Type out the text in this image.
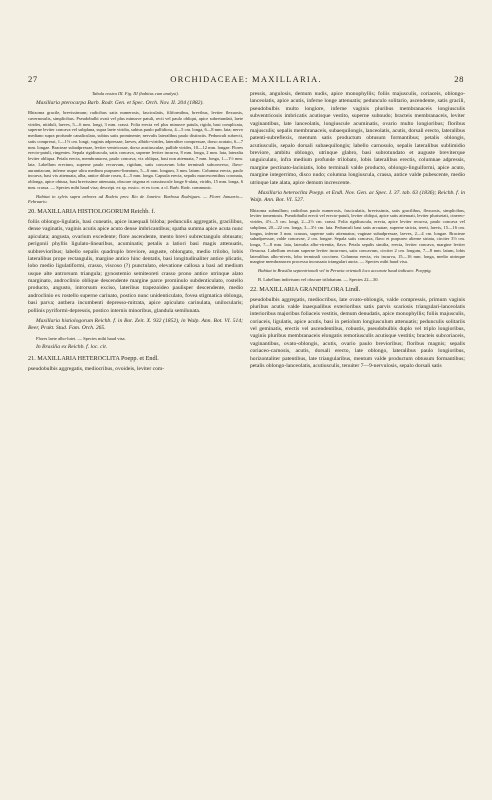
27	ORCHIDACEAE: MAXILLARIA.	28

Tabula nostra III. Fig. III (habitus cum analysi).

Maxillaria pterocarpa Barb. Rodr. Gen. et Spec. Orch. Nov. II. 204 (1882).

Rhizoma gracile, brevissimum; radicibus satis numerosis, fasciculatis, filiformibus, brevibus, leviter flexuosis, cavernosulis, simplicibus. Pseudobulbi ovati vel plus minusve patuli, recti vel paulo obliqui, apice subretundati, laete virides, nitiduli, laeves, 5—6 mm. longi, 3 mm. crassi. Folia erecta vel plus minusve patula, rigida, basi complicata, superne leviter concava vel subplana, supra laete viridia, subtus paulo pallidiora, 4—5 cm. longa, 6—8 mm. lata; nervo mediano supra profunde canaliculato, subtus satis prominente; nervulis lateralibus paulo distinctis. Pedunculi subrecti, satis compressi, 1—1½ cm. longi; vaginis adpressae, laeves, albido-virides, lateraliter compressae, dorso acutato, 6—7 mm. longae. Bracteae subadpressae, leviter ventricosae, dorso acutiusculae, pallide virides, 10—12 mm. longae. Flores erecto-patuli, ringentes. Sepala rigidiuscula, satis concava, superne leviter incurva, 8 mm. longa, 2 mm. lata, lateralia leviter obliqua. Petala erecta, membranacea, paulo concava, vix obliqua, basi non attenuata, 7 mm. longa, 1—1½ mm. lata. Labellum erectum, superne paulo recurvum, rigidum, satis concavum lobo terminali subconvexo, flavo-aurantiacum, inferne usque ultra medium purpureo-lineatum, 5—6 mm. longum, 3 mm. latum. Columna erecta, paulo incurva, basi vix attenuata, alba, antice dilute rosea, 4—5 mm. longa. Capsula erecta, sepalis marcescentibus coronata, oblonga, apice obtusa, basi brevissime attenuata, obscure trigona et crassiuscule longe 6-alata, viridis, 15 mm. longa, 6 mm. crassa. — Species mihi haud visa; descript. ex sp. exsicc. et ex icon. a cl. Barb. Rodr. communic.

Habitat in sylvis supra arbores ad Rodeio prov. Rio de Janeiro: Barbosa Rodrigues. — Floret Januario—Februario.

20. MAXILLARIA HISTIOLOGORUM Reichb. f.

foliis oblongo-ligulatis, basi cuneatis, apice inaequali biloba; pedunculis aggregatis, gracilibus, dense vaginatis, vaginis acutis apice acuto dense imbricantibus; spatha summa apice acuta nunc apiculata; angusta, ovarium excedente; flore ascendente, mento brevi subrectangulo obtusato; perigonii phyllis ligulato-linearibus, acuminatis; petalis a latiori basi magis attenuatis, subbrevioribus; labello sepalis quadruplo breviore, anguste, oblongato, medio trilobo, lobis lateralibus prope rectangulis, margine antico hinc dentatis, basi longitudinaliter antice plicatis, lobo medio ligulatiformi, crasso, viscoso (?) punctulato, elevatione callosa a basi ad medium usque alte antrorsum triangula; gynostemio semiteoreti crasso prono antice utrinque alato marginato, androclinio oblique descendente margine parce prominulo subdenticulato, rostello producto, angusto, introrsum exciso, lateribus trapezoideo paulisper descendente, medio androclinio ex rostello superne carinato, postico nunc unidenticulato, fovea stigmatica oblonga, basi parva; anthera incumbenti depresso-mitrata, apice apiculato carinulata, unilocularis; pollinis pyriformi-depressis, postico internis minoribus, glandula semilunata.

Maxillaria histiologorum Reichb. f. in Bot. Zeit. X. 932 (1852), in Walp. Ann. Bot. VI. 514; Beer, Prakt. Stud. Fam. Orch. 265.

Flores laete albo-lutei. — Species mihi haud visa.

In Brasilia ex Reichb. f. loc. cit.

21. MAXILLARIA HETEROCLITA Poepp. et Endl.

pseudobulbis aggregatis, mediocribus, ovoideis, leviter com-

pressis, angulosis, demum nudis, apice monophyllis; foliis majusculis, coriaceis, oblongo-lanceolatis, apice acutis, inferne longe attenuatis; pedunculo solitario, ascendente, satis gracili, pseudobulbis multo longiore, inferne vaginis pluribus membranaceis longiusculis subventricosis imbricatis acutisque vestito, superne subnudo; bracteis membranaceis, leviter vaginantibus, late lanceolatis, longiuscule acuminatis, ovario multo longioribus; floribus majusculis; sepalis membranaceis, subaequilongis, lanceolatis, acutis, dorsali erecto, lateralibus patenti-subreflexis, mentum satis productum obtusum formantibus; petalis oblongis, acutiusculis, sepalo dorsali subaequilongis; labello carnosulo, sepalis lateralibus sublimidio breviore, ambitu oblongo, utrinque glabro, basi subrotundato et auguste breviterque unguiculato, infra medium profunde trilobato, lobis lateralibus erectis, columnae adpressis, margine pectinato-laciniatis, lobo terminali valde producto, oblongo-linguiformi, apice acuto, margine integerrimo, disco nudo; columna longiuscula, crassa, antice valde pubescente, medio utrinque late alata, apice demum increscente.

Maxillaria heteroclita Poepp. et Endl. Nov. Gen. ac Spec. I. 37. tab. 63 (1836); Reichb. f. in Walp. Ann. Bot. VI. 527.

Rhizoma subnullum; radicibus paulo numerosis, fasciculatis, brevissimis, satis gracilibus, flexuosis, simplicibus, leviter tomentosis. Pseudobulbi erecti vel erecto-patuli, leviter obliqui, apice satis attenuati, leviter plurisetati, cinereo-virides, 4½—5 cm. longi, 2—2½ cm. crassi. Folia rigidiuscula, erecta, apice leviter recurva, paulo concava vel subplana, 20—22 cm. longa, 3—3½ cm. lata. Pedunculi basi satis arcuatae, superne stricta, tereti, laevis, 15—16 cm. longus, inferne 3 mm. crassus, superne satis attenuatus; vaginae subadpressae, laeves, 2—4 cm. longae. Bracteae subadpressae, valde concavae, 2 cm. longae. Sepala satis concava, flavo et purpureo alterne striata, circiter 3½ cm. longa, 7—8 mm. lata, lateralia albo-virentia, flava. Petala sepalis similia, erecta, leviter concava, margine leviter flexuosa. Labellum rectum superne leviter incurvum, satis concavum, circiter 2 cm. longum, 7—8 mm. latum, lobis lateralibus albo-niveis, lobo terminali coccineo. Columna erecta, vix incurva, 15—16 mm. longa, medio utrinque margine membranaceo processu incrassato triangulari aucta. — Species mihi haud visa.

Habitat in Brasilia septentrionali vel in Peruvia orientali loco accurate haud indicato: Poeppig.

B. Labellum indivisum vel obscure trilobatum. — Species 22—30.

22. MAXILLARIA GRANDIFLORA Lindl.

pseudobulbis aggregatis, mediocribus, late ovato-oblongis, valde compressis, primum vaginis pluribus acutis valde inaequalibus exterioribus satis parvis scariosis triangulari-lanceolatis interioribus majoribus foliaceis vestitis, demum denudatis, apice monophyllis; foliis majusculis, coriaceis, ligulatis, apice acutis, basi in petiolum longiusculum attenuatis; pedunculis solitariis vel geminatis, erectis vel ascendentibus, robustis, pseudobulbis duplo vel triplo longioribus, vaginis pluribus membranaceis elongatis remotiusculis acutisque vestitis; bracteis subcoriaceis, vaginantibus, ovato-oblongis, acutis, ovario paulo brevioribus; floribus magnis; sepalis coriaceo-carnosis, acutis, dorsali erecto, late oblongo, lateralibus paulo longioribus, horizontaliter patentibus, late triangularibus, mentum valde productum obtusum formantibus; petalis oblongo-lanceolatis, acutiusculis, tenuiter 7—9-nervulosis, sepalo dorsali satis
